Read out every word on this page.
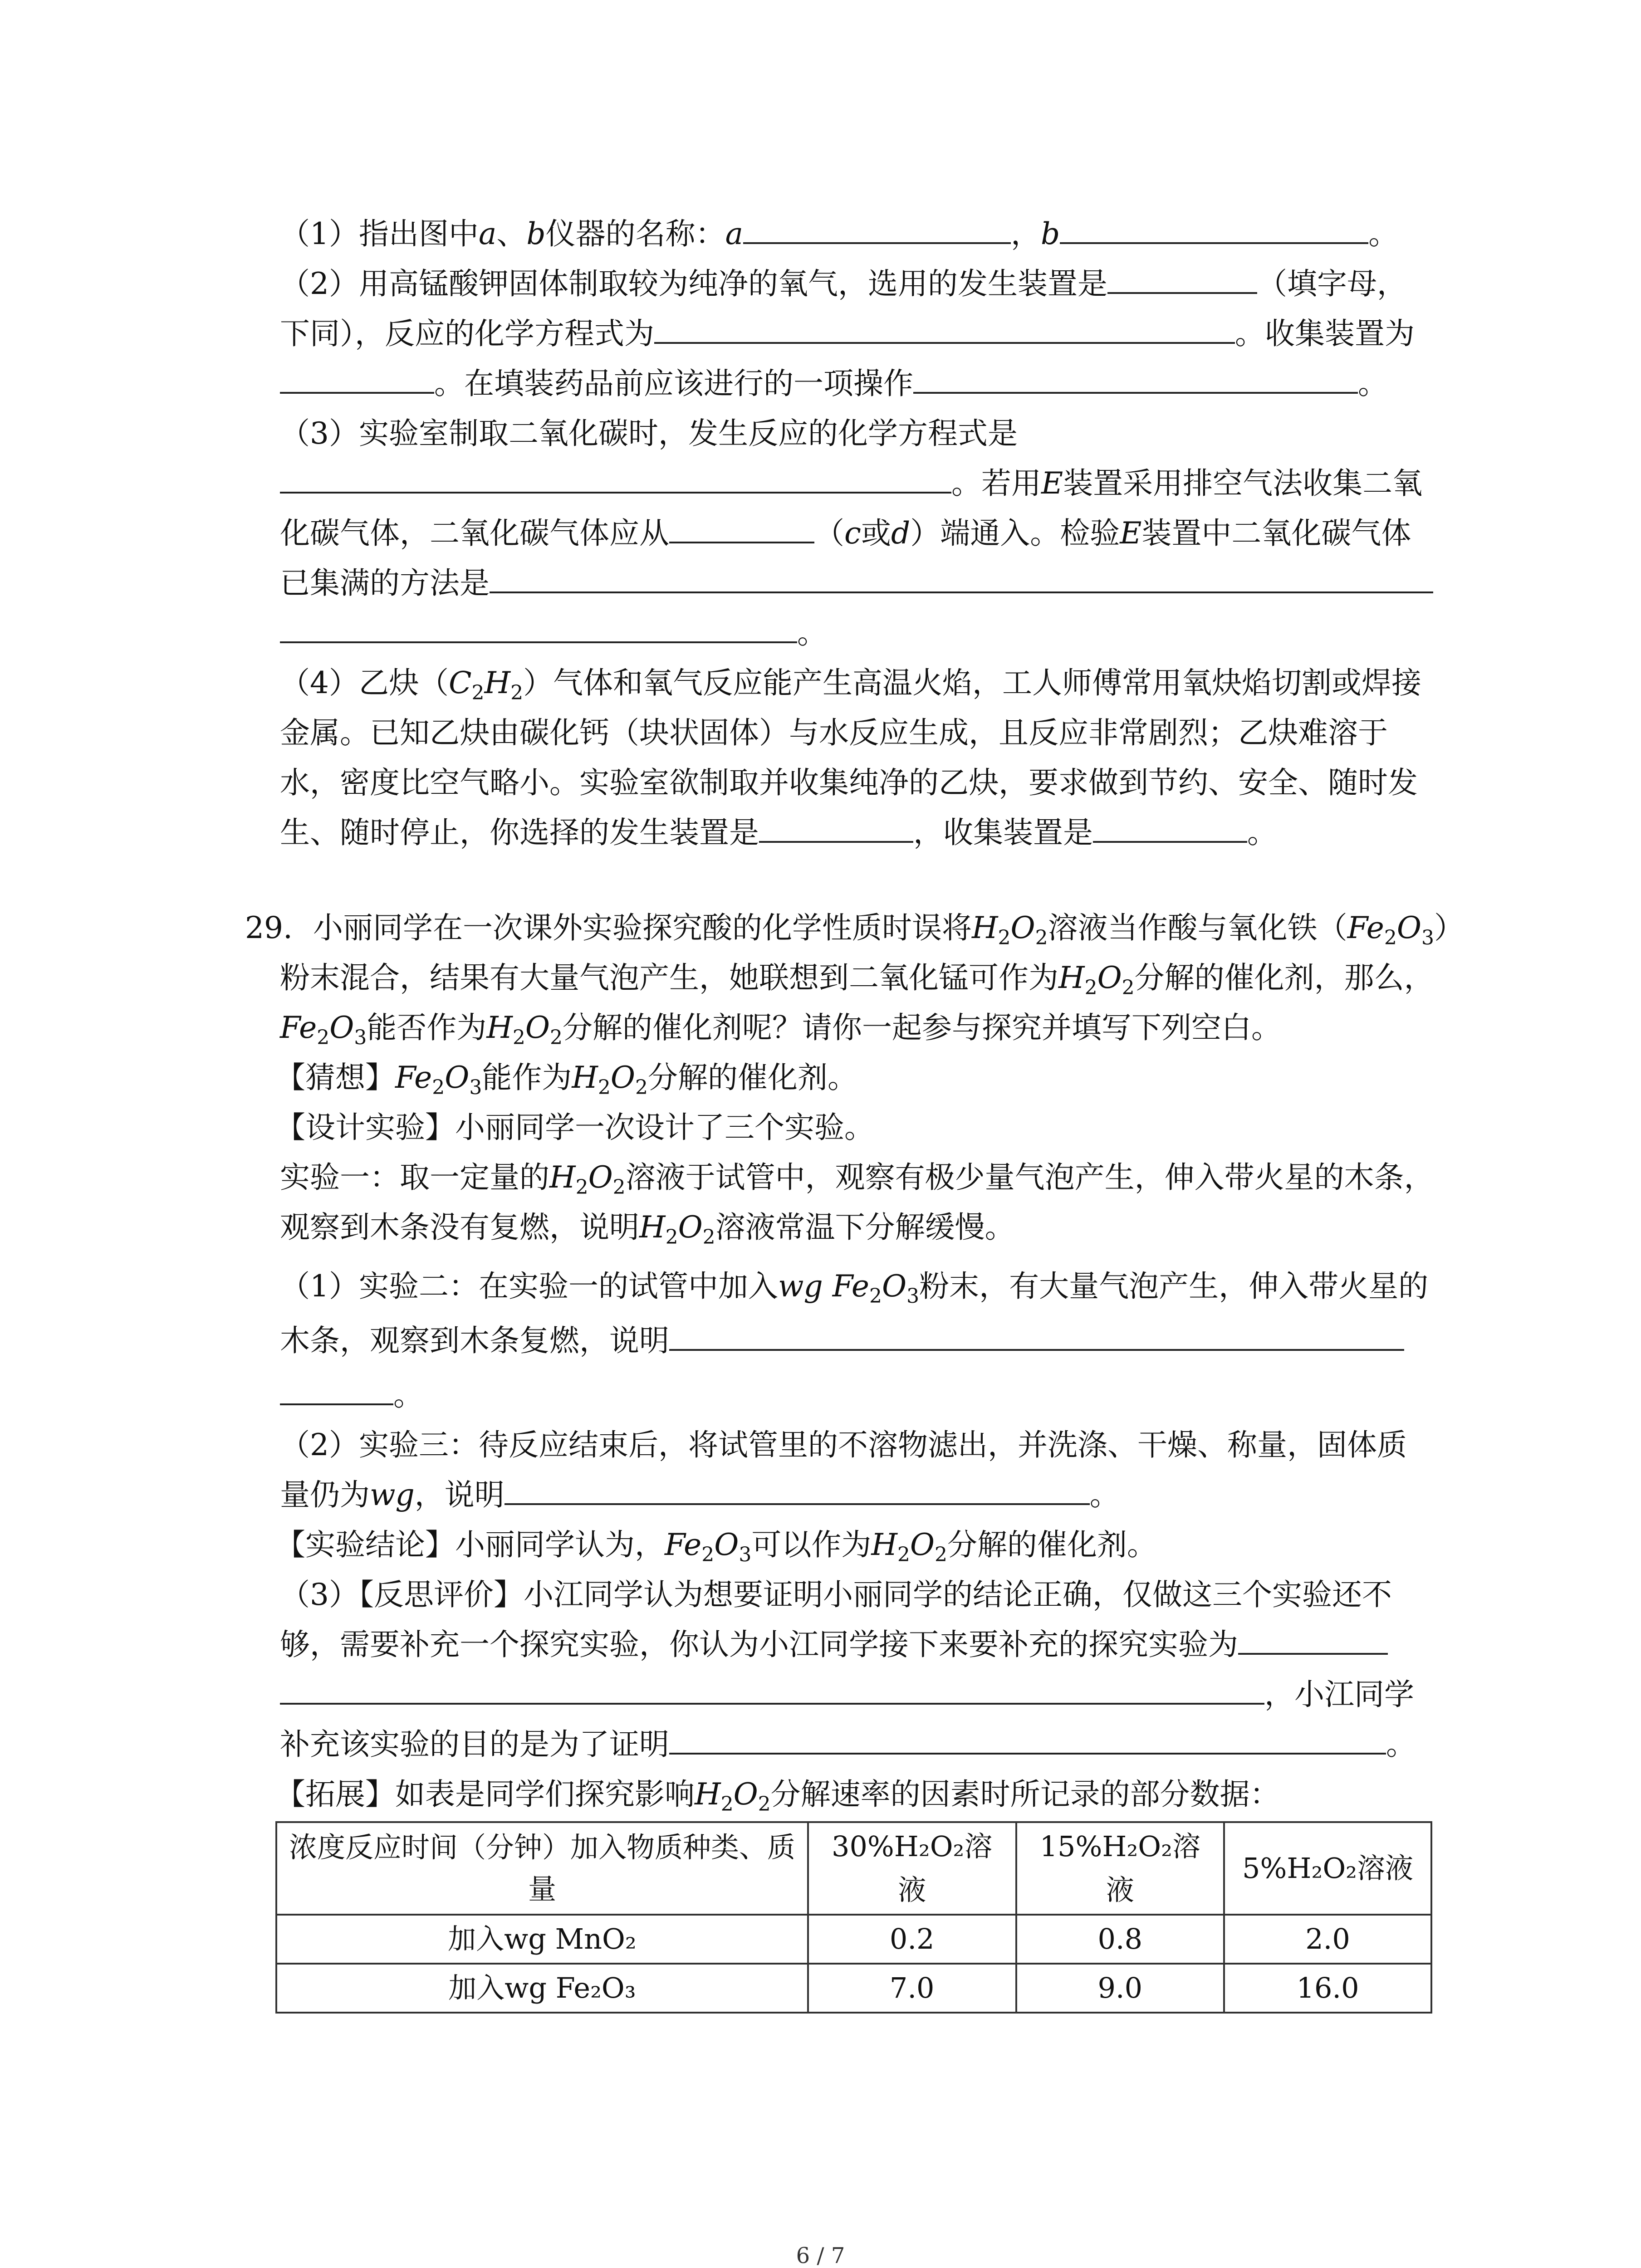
（1）指出图中a、b仪器的名称：a	，b	。
（2）用高锰酸钾固体制取较为纯净的氧气，选用的发生装置是	（填字母，
下同），反应的化学方程式为	。收集装置为
。在填装药品前应该进行的一项操作	。
（3）实验室制取二氧化碳时，发生反应的化学方程式是
。若用E装置采用排空气法收集二氧
化碳气体，二氧化碳气体应从	（c或d）端通入。检验E装置中二氧化碳气体
已集满的方法是
。
（4）乙炔$(C_2H_2)$气体和氧气反应能产生高温火焰，工人师傅常用氧炔焰切割或焊接
金属。已知乙炔由碳化钙（块状固体）与水反应生成，且反应非常剧烈；乙炔难溶于
水，密度比空气略小。实验室欲制取并收集纯净的乙炔，要求做到节约、安全、随时发
生、随时停止，你选择的发生装置是	，收集装置是	。
29. 小丽同学在一次课外实验探究酸的化学性质时误将$H_2O_2$溶液当作酸与氧化铁$(Fe_2O_3)$
粉末混合，结果有大量气泡产生，她联想到二氧化锰可作为$H_2O_2$分解的催化剂，那么，
$Fe_2O_3$能否作为$H_2O_2$分解的催化剂呢？请你一起参与探究并填写下列空白。
【猜想】$Fe_2O_3$能作为$H_2O_2$分解的催化剂。
【设计实验】小丽同学一次设计了三个实验。
实验一：取一定量的$H_2O_2$溶液于试管中，观察有极少量气泡产生，伸入带火星的木条，
观察到木条没有复燃，说明$H_2O_2$溶液常温下分解缓慢。
（1）实验二：在实验一的试管中加入wg $Fe_2O_3$粉末，有大量气泡产生，伸入带火星的
木条，观察到木条复燃，说明
。
（2）实验三：待反应结束后，将试管里的不溶物滤出，并洗涤、干燥、称量，固体质
量仍为wg，说明	。
【实验结论】小丽同学认为，$Fe_2O_3$可以作为$H_2O_2$分解的催化剂。
（3）【反思评价】小江同学认为想要证明小丽同学的结论正确，仅做这三个实验还不
够，需要补充一个探究实验，你认为小江同学接下来要补充的探究实验为
，小江同学
补充该实验的目的是为了证明	。
【拓展】如表是同学们探究影响$H_2O_2$分解速率的因素时所记录的部分数据：
浓度反应时间（分钟）加入物质种类、质量	30%H₂O₂溶液	15%H₂O₂溶液	5%H₂O₂溶液
加入wg MnO₂	0.2	0.8	2.0
加入wg Fe₂O₃	7.0	9.0	16.0
6 / 7
